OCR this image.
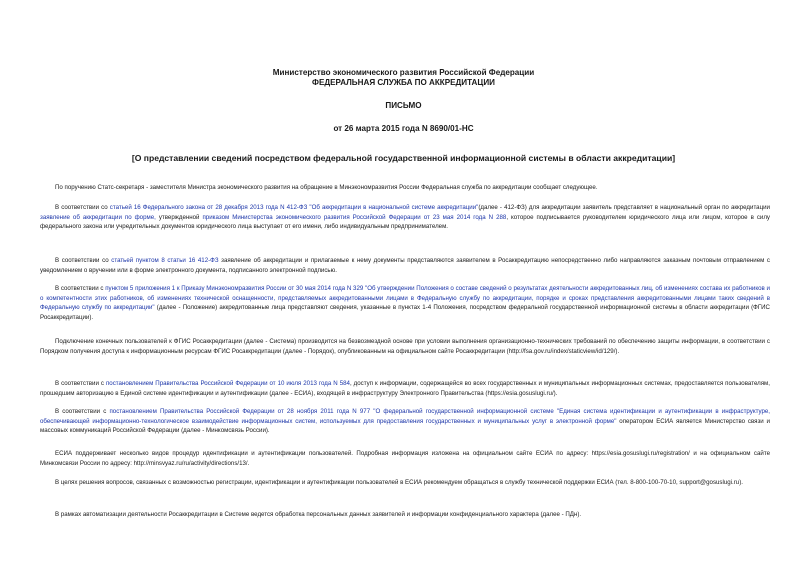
Министерство экономического развития Российской Федерации
ФЕДЕРАЛЬНАЯ СЛУЖБА ПО АККРЕДИТАЦИИ
ПИСЬМО
от 26 марта 2015 года N 8690/01-НС
[О представлении сведений посредством федеральной государственной информационной системы в области аккредитации]

По поручению Статс-секретаря - заместителя Министра экономического развития на обращение в Минэкономразвития России Федеральная служба по аккредитации сообщает следующее.

В соответствии со статьей 16 Федерального закона от 28 декабря 2013 года N 412-ФЗ "Об аккредитации в национальной системе аккредитации"(далее - 412-ФЗ) для аккредитации заявитель представляет в национальный орган по аккредитации заявление об аккредитации по форме, утвержденной приказом Министерства экономического развития Российской Федерации от 23 мая 2014 года N 288, которое подписывается руководителем юридического лица или лицом, которое в силу федерального закона или учредительных документов юридического лица выступает от его имени, либо индивидуальным предпринимателем.

В соответствии со статьей пунктом 8 статьи 16 412-ФЗ заявление об аккредитации и прилагаемые к нему документы представляются заявителем в Росаккредитацию непосредственно либо направляются заказным почтовым отправлением с уведомлением о вручении или в форме электронного документа, подписанного электронной подписью.

В соответствии с пунктом 5 приложения 1 к Приказу Минэкономразвития России от 30 мая 2014 года N 329 "Об утверждении Положения о составе сведений о результатах деятельности аккредитованных лиц, об изменениях состава их работников и о компетентности этих работников, об изменениях технической оснащенности, представляемых аккредитованными лицами в Федеральную службу по аккредитации, порядке и сроках представления аккредитованными лицами таких сведений в Федеральную службу по аккредитации" (далее - Положение) аккредитованные лица представляют сведения, указанные в пунктах 1-4 Положения, посредством федеральной государственной информационной системы в области аккредитации (ФГИС Росаккредитации).

Подключение конечных пользователей к ФГИС Росаккредитации (далее - Система) производится на безвозмездной основе при условии выполнения организационно-технических требований по обеспечению защиты информации, в соответствии с Порядком получения доступа к информационным ресурсам ФГИС Росаккредитации (далее - Порядок), опубликованным на официальном сайте Росаккредитации (http://fsa.gov.ru/index/staticview/id/129/).

В соответствии с постановлением Правительства Российской Федерации от 10 июля 2013 года N 584, доступ к информации, содержащейся во всех государственных и муниципальных информационных системах, предоставляется пользователям, прошедшим авторизацию в Единой системе идентификации и аутентификации (далее - ЕСИА), входящей в инфраструктуру Электронного Правительства (https://esia.gosuslugi.ru/).

В соответствии с постановлением Правительства Российской Федерации от 28 ноября 2011 года N 977 "О федеральной государственной информационной системе "Единая система идентификации и аутентификации в инфраструктуре, обеспечивающей информационно-технологическое взаимодействие информационных систем, используемых для предоставления государственных и муниципальных услуг в электронной форме" оператором ЕСИА является Министерство связи и массовых коммуникаций Российской Федерации (далее - Минкомсвязь России).

ЕСИА поддерживает несколько видов процедур идентификации и аутентификации пользователей. Подробная информация изложена на официальном сайте ЕСИА по адресу: https://esia.gosuslugi.ru/registration/ и на официальном сайте Минкомсвязи России по адресу: http://minsvyaz.ru/ru/activity/directions/13/.

В целях решения вопросов, связанных с возможностью регистрации, идентификации и аутентификации пользователей в ЕСИА рекомендуем обращаться в службу технической поддержки ЕСИА (тел. 8-800-100-70-10, support@gosuslugi.ru).

В рамках автоматизации деятельности Росаккредитации в Системе ведется обработка персональных данных заявителей и информации конфиденциального характера (далее - ПДн).
